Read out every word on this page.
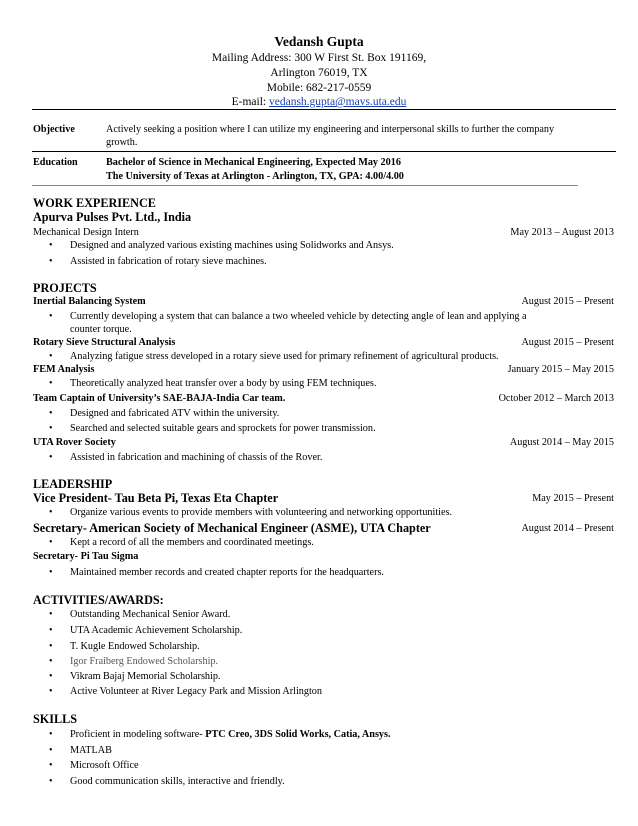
Vedansh Gupta
Mailing Address: 300 W First St. Box 191169,
Arlington 76019, TX
Mobile: 682-217-0559
E-mail: vedansh.gupta@mavs.uta.edu
Objective	Actively seeking a position where I can utilize my engineering and interpersonal skills to further the company
growth.
Education	Bachelor of Science in Mechanical Engineering, Expected May 2016
The University of Texas at Arlington - Arlington, TX, GPA: 4.00/4.00
WORK EXPERIENCE
Apurva Pulses Pvt. Ltd., India
Mechanical Design Intern	May 2013 – August 2013
• Designed and analyzed various existing machines using Solidworks and Ansys.
• Assisted in fabrication of rotary sieve machines.
PROJECTS
Inertial Balancing System	August 2015 – Present
• Currently developing a system that can balance a two wheeled vehicle by detecting angle of lean and applying a
counter torque.
Rotary Sieve Structural Analysis	August 2015 – Present
• Analyzing fatigue stress developed in a rotary sieve used for primary refinement of agricultural products.
FEM Analysis	January 2015 – May 2015
• Theoretically analyzed heat transfer over a body by using FEM techniques.
Team Captain of University’s SAE-BAJA-India Car team.	October 2012 – March 2013
• Designed and fabricated ATV within the university.
• Searched and selected suitable gears and sprockets for power transmission.
UTA Rover Society	August 2014 – May 2015
• Assisted in fabrication and machining of chassis of the Rover.
LEADERSHIP
Vice President- Tau Beta Pi, Texas Eta Chapter	May 2015 – Present
• Organize various events to provide members with volunteering and networking opportunities.
Secretary- American Society of Mechanical Engineer (ASME), UTA Chapter	August 2014 – Present
• Kept a record of all the members and coordinated meetings.
Secretary- Pi Tau Sigma
• Maintained member records and created chapter reports for the headquarters.
ACTIVITIES/AWARDS:
• Outstanding Mechanical Senior Award.
• UTA Academic Achievement Scholarship.
• T. Kugle Endowed Scholarship.
• Igor Fraiberg Endowed Scholarship.
• Vikram Bajaj Memorial Scholarship.
• Active Volunteer at River Legacy Park and Mission Arlington
SKILLS
• Proficient in modeling software- PTC Creo, 3DS Solid Works, Catia, Ansys.
• MATLAB
• Microsoft Office
• Good communication skills, interactive and friendly.
